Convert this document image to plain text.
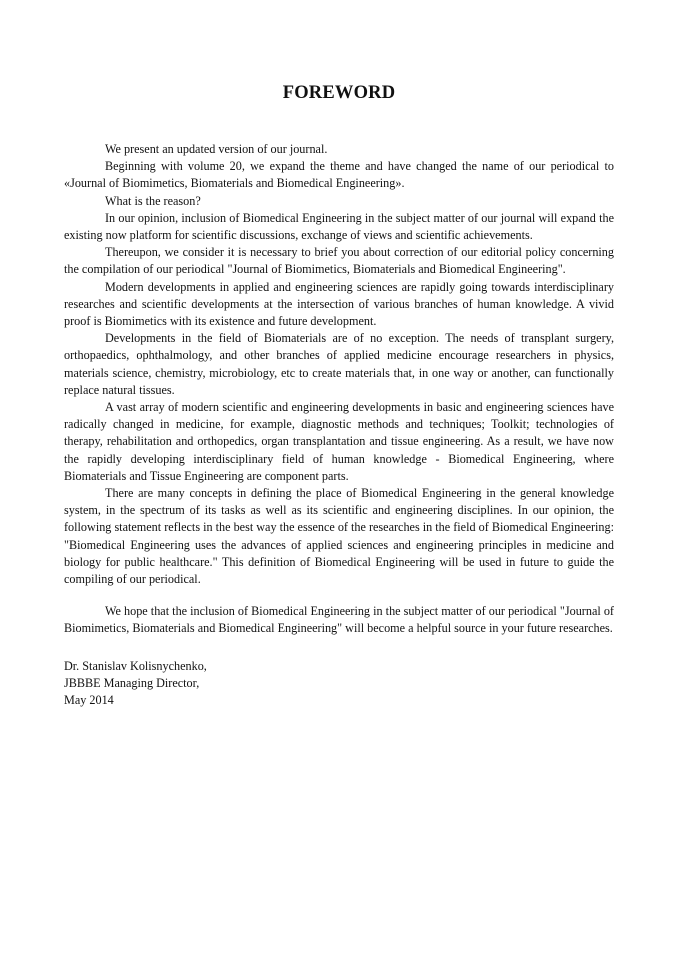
FOREWORD

We present an updated version of our journal.

Beginning with volume 20, we expand the theme and have changed the name of our periodical to «Journal of Biomimetics, Biomaterials and Biomedical Engineering».

What is the reason?

In our opinion, inclusion of Biomedical Engineering in the subject matter of our journal will expand the existing now platform for scientific discussions, exchange of views and scientific achievements.

Thereupon, we consider it is necessary to brief you about correction of our editorial policy concerning the compilation of our periodical "Journal of Biomimetics, Biomaterials and Biomedical Engineering".

Modern developments in applied and engineering sciences are rapidly going towards interdisciplinary researches and scientific developments at the intersection of various branches of human knowledge. A vivid proof is Biomimetics with its existence and future development.

Developments in the field of Biomaterials are of no exception. The needs of transplant surgery, orthopaedics, ophthalmology, and other branches of applied medicine encourage researchers in physics, materials science, chemistry, microbiology, etc to create materials that, in one way or another, can functionally replace natural tissues.

A vast array of modern scientific and engineering developments in basic and engineering sciences have radically changed in medicine, for example, diagnostic methods and techniques; Toolkit; technologies of therapy, rehabilitation and orthopedics, organ transplantation and tissue engineering. As a result, we have now the rapidly developing interdisciplinary field of human knowledge - Biomedical Engineering, where Biomaterials and Tissue Engineering are component parts.

There are many concepts in defining the place of Biomedical Engineering in the general knowledge system, in the spectrum of its tasks as well as its scientific and engineering disciplines. In our opinion, the following statement reflects in the best way the essence of the researches in the field of Biomedical Engineering: "Biomedical Engineering uses the advances of applied sciences and engineering principles in medicine and biology for public healthcare." This definition of Biomedical Engineering will be used in future to guide the compiling of our periodical.

We hope that the inclusion of Biomedical Engineering in the subject matter of our periodical "Journal of Biomimetics, Biomaterials and Biomedical Engineering" will become a helpful source in your future researches.

Dr. Stanislav Kolisnychenko,

JBBBE Managing Director,

May 2014
